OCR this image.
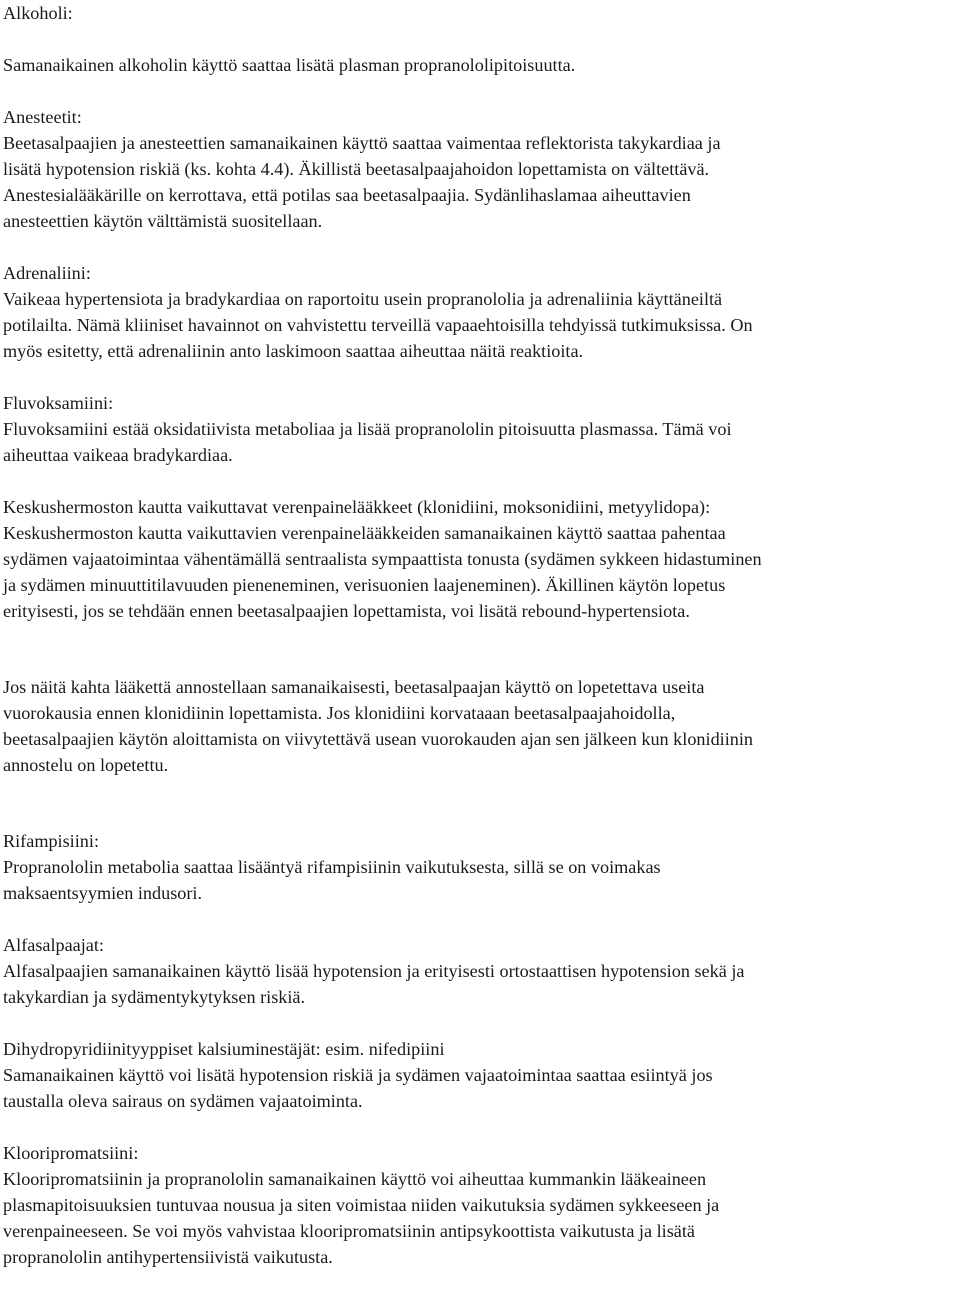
Alkoholi:
Samanaikainen alkoholin käyttö saattaa lisätä plasman propranololipitoisuutta.
Anesteetit:
Beetasalpaajien ja anesteettien samanaikainen käyttö saattaa vaimentaa reflektorista takykardiaa ja
lisätä hypotension riskiä (ks. kohta 4.4). Äkillistä beetasalpaajahoidon lopettamista on vältettävä.
Anestesialääkärille on kerrottava, että potilas saa beetasalpaajia. Sydänlihaslamaa aiheuttavien
anesteettien käytön välttämistä suositellaan.
Adrenaliini:
Vaikeaa hypertensiota ja bradykardiaa on raportoitu usein propranololia ja adrenaliinia käyttäneiltä
potilailta. Nämä kliiniset havainnot on vahvistettu terveillä vapaaehtoisilla tehdyissä tutkimuksissa. On
myös esitetty, että adrenaliinin anto laskimoon saattaa aiheuttaa näitä reaktioita.
Fluvoksamiini:
Fluvoksamiini estää oksidatiivista metaboliaa ja lisää propranololin pitoisuutta plasmassa. Tämä voi
aiheuttaa vaikeaa bradykardiaa.
Keskushermoston kautta vaikuttavat verenpainelääkkeet (klonidiini, moksonidiini, metyylidopa):
Keskushermoston kautta vaikuttavien verenpainelääkkeiden samanaikainen käyttö saattaa pahentaa
sydämen vajaatoimintaa vähentämällä sentraalista sympaattista tonusta (sydämen sykkeen hidastuminen
ja sydämen minuuttitilavuuden pieneneminen, verisuonien laajeneminen). Äkillinen käytön lopetus
erityisesti, jos se tehdään ennen beetasalpaajien lopettamista, voi lisätä rebound-hypertensiota.
Jos näitä kahta lääkettä annostellaan samanaikaisesti, beetasalpaajan käyttö on lopetettava useita
vuorokausia ennen klonidiinin lopettamista. Jos klonidiini korvataaan beetasalpaajahoidolla,
beetasalpaajien käytön aloittamista on viivytettävä usean vuorokauden ajan sen jälkeen kun klonidiinin
annostelu on lopetettu.
Rifampisiini:
Propranololin metabolia saattaa lisääntyä rifampisiinin vaikutuksesta, sillä se on voimakas
maksaentsyymien indusori.
Alfasalpaajat:
Alfasalpaajien samanaikainen käyttö lisää hypotension ja erityisesti ortostaattisen hypotension sekä ja
takykardian ja sydämentykytyksen riskiä.
Dihydropyridiinityyppiset kalsiuminestäjät: esim. nifedipiini
Samanaikainen käyttö voi lisätä hypotension riskiä ja sydämen vajaatoimintaa saattaa esiintyä jos
taustalla oleva sairaus on sydämen vajaatoiminta.
Klooripromatsiini:
Klooripromatsiinin ja propranololin samanaikainen käyttö voi aiheuttaa kummankin lääkeaineen
plasmapitoisuuksien tuntuvaa nousua ja siten voimistaa niiden vaikutuksia sydämen sykkeeseen ja
verenpaineeseen. Se voi myös vahvistaa klooripromatsiinin antipsykoottista vaikutusta ja lisätä
propranololin antihypertensiivistä vaikutusta.
